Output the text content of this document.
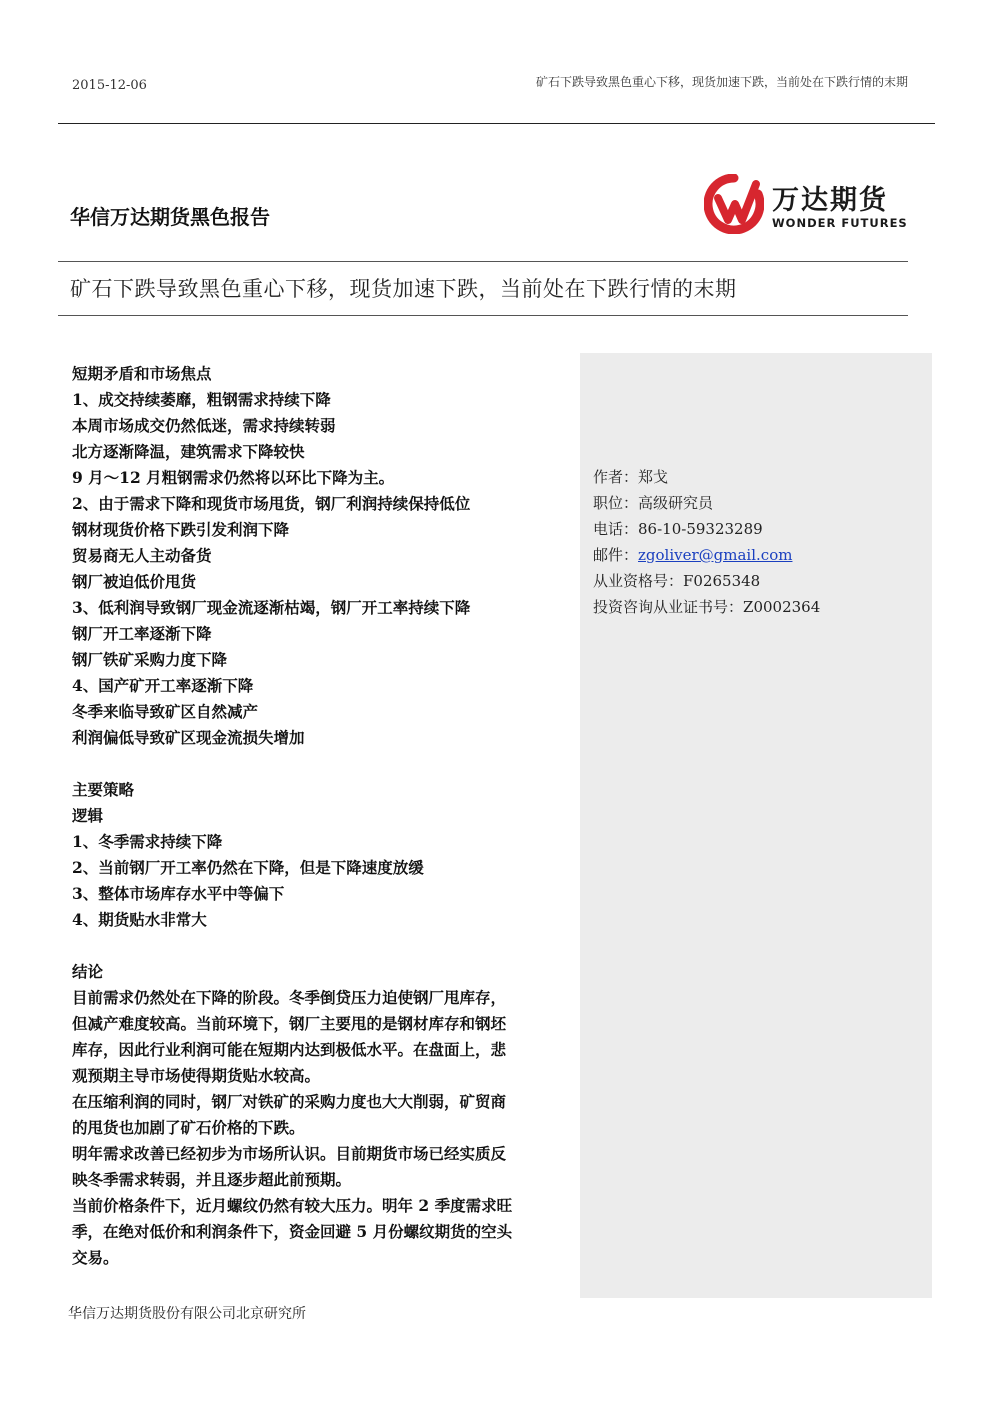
2015-12-06	矿石下跌导致黑色重心下移，现货加速下跌，当前处在下跌行情的末期
华信万达期货黑色报告
万达期货
WONDER FUTURES
矿石下跌导致黑色重心下移，现货加速下跌，当前处在下跌行情的末期
作者：郑戈
职位：高级研究员
电话：86-10-59323289
邮件：zgoliver@gmail.com
从业资格号：F0265348
投资咨询从业证书号：Z0002364
短期矛盾和市场焦点
1、成交持续萎靡，粗钢需求持续下降
本周市场成交仍然低迷，需求持续转弱
北方逐渐降温，建筑需求下降较快
9 月～12 月粗钢需求仍然将以环比下降为主。
2、由于需求下降和现货市场甩货，钢厂利润持续保持低位
钢材现货价格下跌引发利润下降
贸易商无人主动备货
钢厂被迫低价甩货
3、低利润导致钢厂现金流逐渐枯竭，钢厂开工率持续下降
钢厂开工率逐渐下降
钢厂铁矿采购力度下降
4、国产矿开工率逐渐下降
冬季来临导致矿区自然减产
利润偏低导致矿区现金流损失增加
主要策略
逻辑
1、冬季需求持续下降
2、当前钢厂开工率仍然在下降，但是下降速度放缓
3、整体市场库存水平中等偏下
4、期货贴水非常大
结论
目前需求仍然处在下降的阶段。冬季倒贷压力迫使钢厂甩库存，
但减产难度较高。当前环境下，钢厂主要甩的是钢材库存和钢坯
库存，因此行业利润可能在短期内达到极低水平。在盘面上，悲
观预期主导市场使得期货贴水较高。
在压缩利润的同时，钢厂对铁矿的采购力度也大大削弱，矿贸商
的甩货也加剧了矿石价格的下跌。
明年需求改善已经初步为市场所认识。目前期货市场已经实质反
映冬季需求转弱，并且逐步超此前预期。
当前价格条件下，近月螺纹仍然有较大压力。明年 2 季度需求旺
季，在绝对低价和利润条件下，资金回避 5 月份螺纹期货的空头
交易。
华信万达期货股份有限公司北京研究所
